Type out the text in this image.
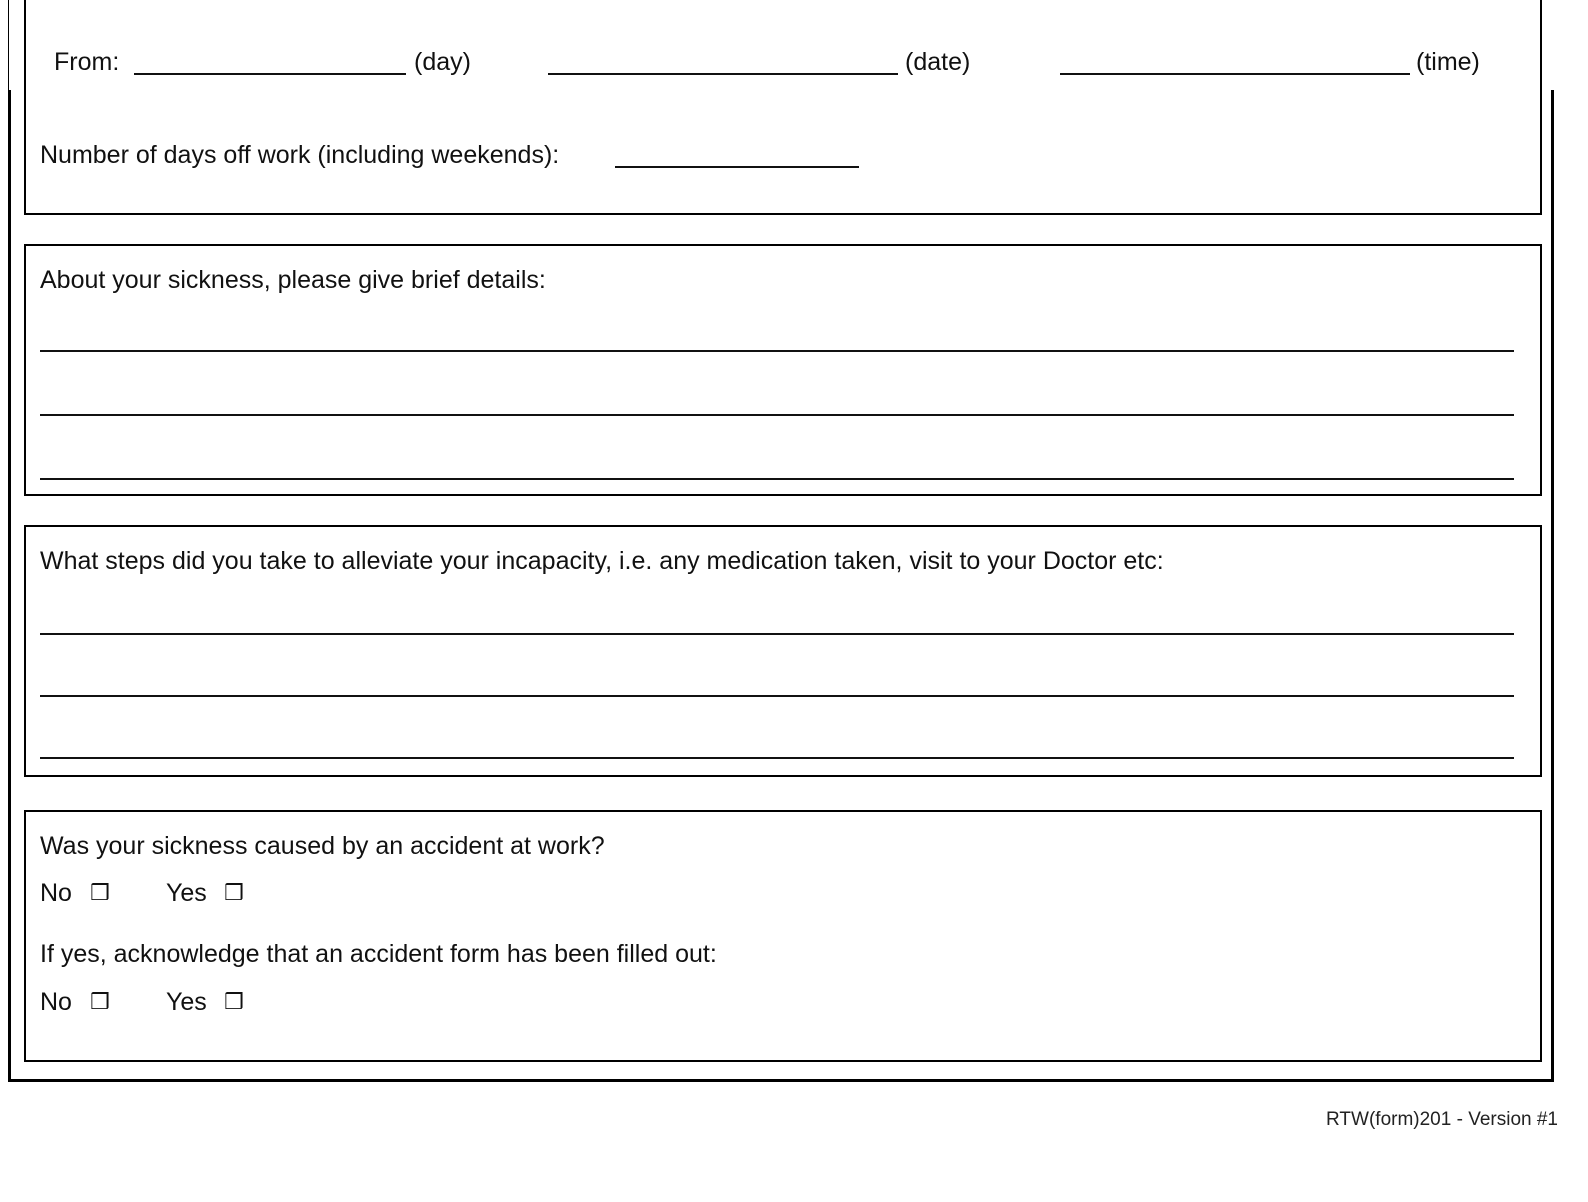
From:	(day)	(date)	(time)
Number of days off work (including weekends):
About your sickness, please give brief details:
What steps did you take to alleviate your incapacity, i.e. any medication taken, visit to your Doctor etc:
Was your sickness caused by an accident at work?
No ❒ Yes ❒
If yes, acknowledge that an accident form has been filled out:
No ❒ Yes ❒
RTW(form)201 - Version #1
